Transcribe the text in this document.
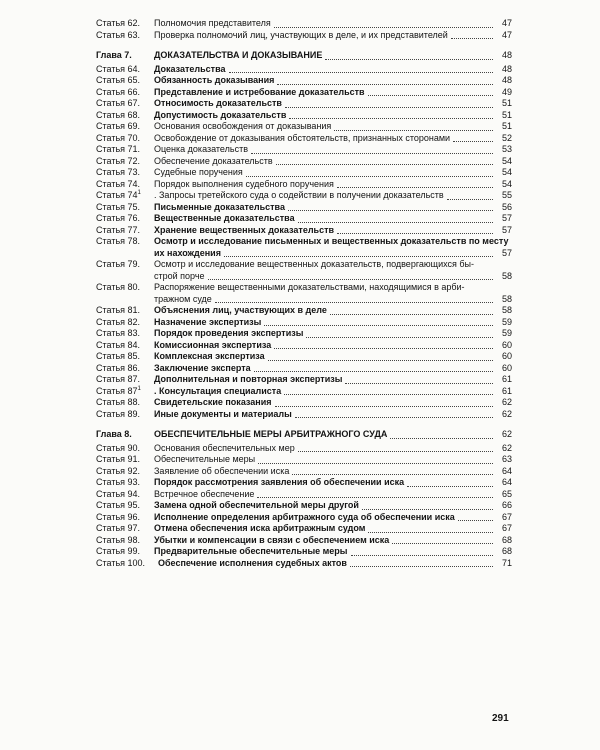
Статья 62.	Полномочия представителя	47
Статья 63.	Проверка полномочий лиц, участвующих в деле, и их представителей	47
Глава 7.	ДОКАЗАТЕЛЬСТВА И ДОКАЗЫВАНИЕ	48
Статья 64.	Доказательства	48
Статья 65.	Обязанность доказывания	48
Статья 66.	Представление и истребование доказательств	49
Статья 67.	Относимость доказательств	51
Статья 68.	Допустимость доказательств	51
Статья 69.	Основания освобождения от доказывания	51
Статья 70.	Освобождение от доказывания обстоятельств, признанных сторонами	52
Статья 71.	Оценка доказательств	53
Статья 72.	Обеспечение доказательств	54
Статья 73.	Судебные поручения	54
Статья 74.	Порядок выполнения судебного поручения	54
Статья $74^1$	. Запросы третейского суда о содействии в получении доказательств	55
Статья 75.	Письменные доказательства	56
Статья 76.	Вещественные доказательства	57
Статья 77.	Хранение вещественных доказательств	57
Статья 78.	Осмотр и исследование письменных и вещественных доказательств по месту
их нахождения	57
Статья 79.	Осмотр и исследование вещественных доказательств, подвергающихся бы-
строй порче	58
Статья 80.	Распоряжение вещественными доказательствами, находящимися в арби-
тражном суде	58
Статья 81.	Объяснения лиц, участвующих в деле	58
Статья 82.	Назначение экспертизы	59
Статья 83.	Порядок проведения экспертизы	59
Статья 84.	Комиссионная экспертиза	60
Статья 85.	Комплексная экспертиза	60
Статья 86.	Заключение эксперта	60
Статья 87.	Дополнительная и повторная экспертизы	61
Статья $87^1$	. Консультация специалиста	61
Статья 88.	Свидетельские показания	62
Статья 89.	Иные документы и материалы	62
Глава 8.	ОБЕСПЕЧИТЕЛЬНЫЕ МЕРЫ АРБИТРАЖНОГО СУДА	62
Статья 90.	Основания обеспечительных мер	62
Статья 91.	Обеспечительные меры	63
Статья 92.	Заявление об обеспечении иска	64
Статья 93.	Порядок рассмотрения заявления об обеспечении иска	64
Статья 94.	Встречное обеспечение	65
Статья 95.	Замена одной обеспечительной меры другой	66
Статья 96.	Исполнение определения арбитражного суда об обеспечении иска	67
Статья 97.	Отмена обеспечения иска арбитражным судом	67
Статья 98.	Убытки и компенсации в связи с обеспечением иска	68
Статья 99.	Предварительные обеспечительные меры	68
Статья 100.	Обеспечение исполнения судебных актов	71
291
